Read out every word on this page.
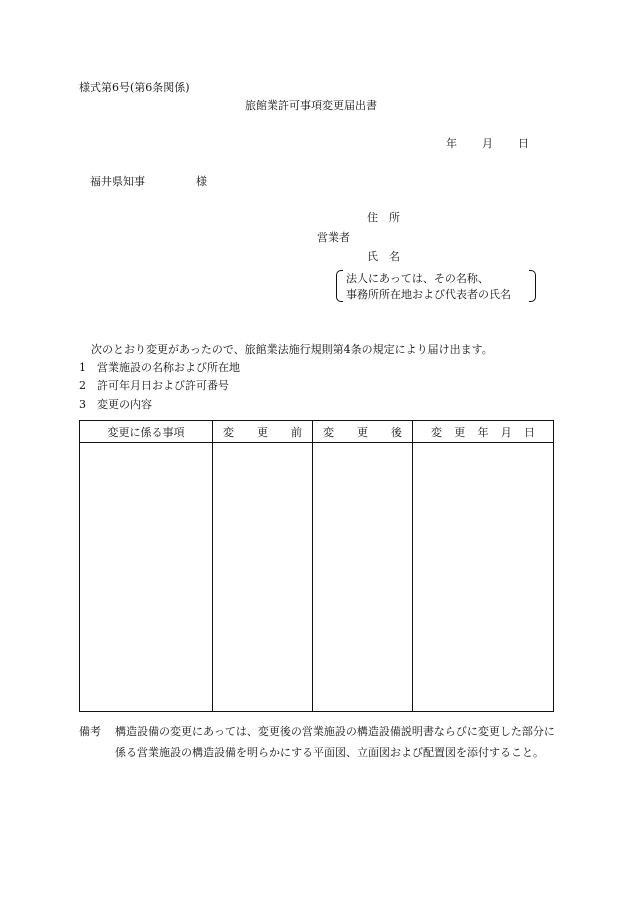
様式第6号(第6条関係)
旅館業許可事項変更届出書
年 月 日
福井県知事	様
住　所
営業者
氏　名
法人にあっては、その名称、
事務所所在地および代表者の氏名
次のとおり変更があったので、旅館業法施行規則第4条の規定により届け出ます。
1 営業施設の名称および所在地
2 許可年月日および許可番号
3 変更の内容
変更に係る事項	変 更 前	変 更 後	変 更 年 月 日

備考	構造設備の変更にあっては、変更後の営業施設の構造設備説明書ならびに変更した部分に係る営業施設の構造設備を明らかにする平面図、立面図および配置図を添付すること。
